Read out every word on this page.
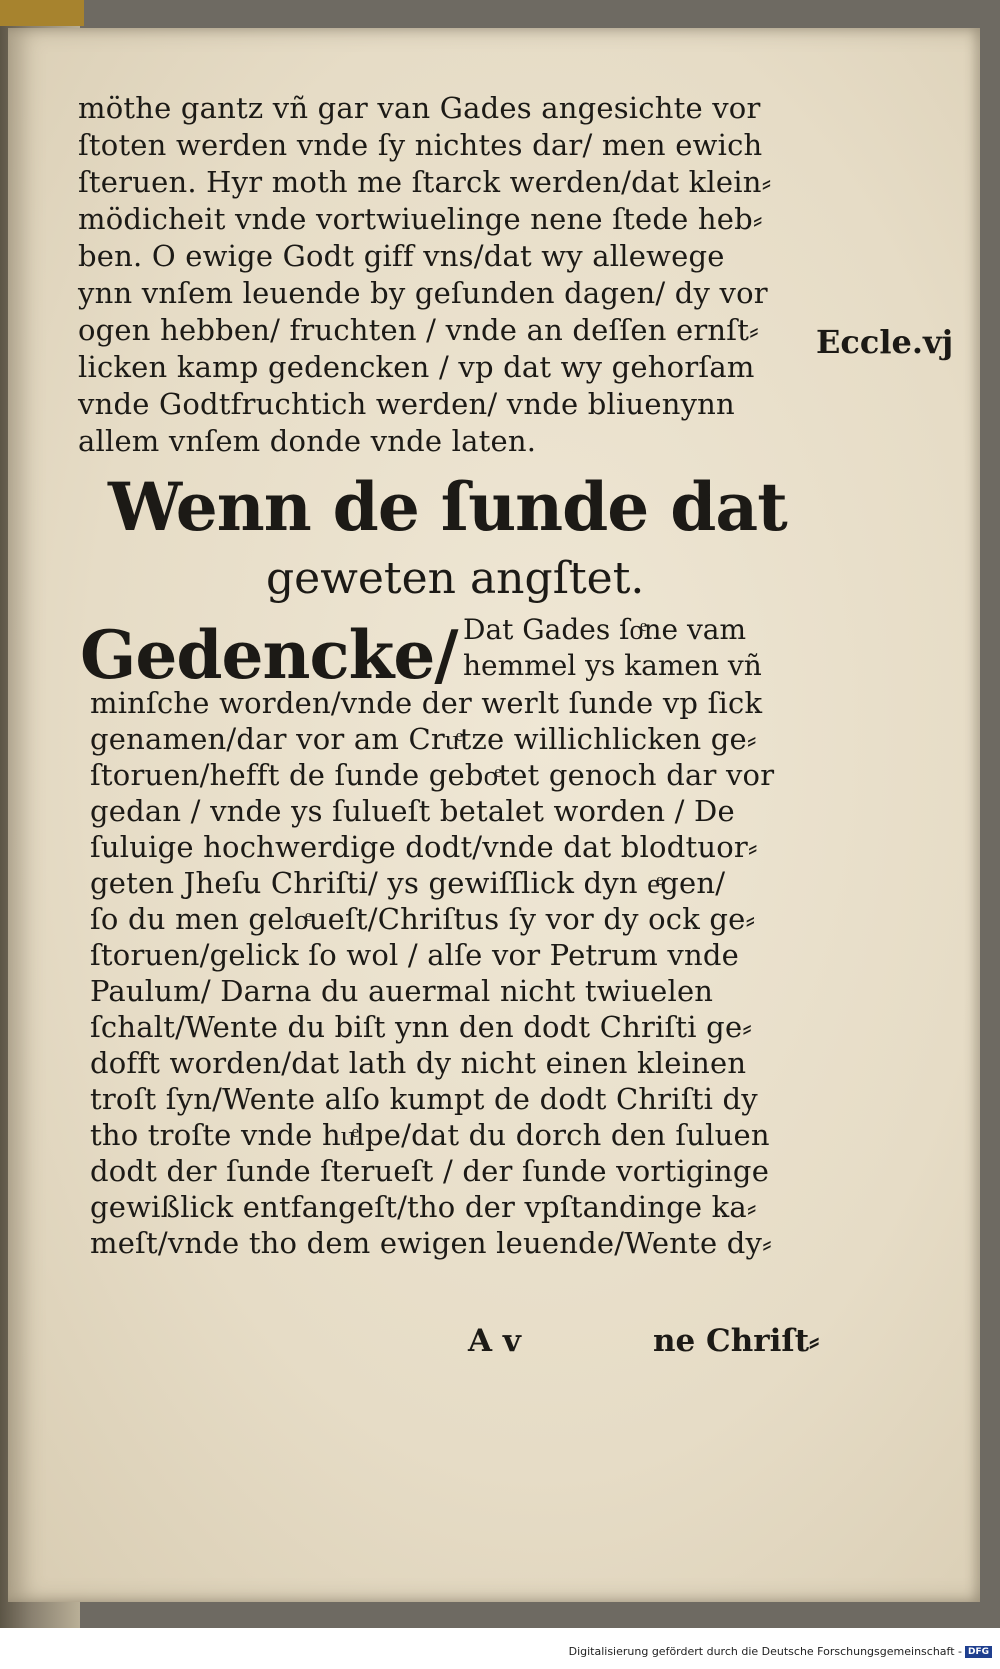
möthe gantz vñ gar van Gades angesichte vor
ſtoten werden vnde ſy nichtes dar/ men ewich
ſteruen. Hyr moth me ſtarck werden/dat klein⸗
mödicheit vnde vortwiuelinge nene ſtede heb⸗
ben. O ewige Godt giff vns/dat wy allewege
ynn vnſem leuende by geſunden dagen/ dy vor
ogen hebben/ fruchten / vnde an deſſen ernſt⸗
licken kamp gedencken / vp dat wy gehorſam
vnde Godtfruchtich werden/ vnde bliuenynn
allem vnſem donde vnde laten.
Eccle.vj
Wenn de ſunde dat
geweten angſtet.
Gedencke/ Dat Gades ſoͤne vam
hemmel ys kamen vñ
minſche worden/vnde der werlt ſunde vp ſick
genamen/dar vor am Cruͤtze willichlicken ge⸗
ſtoruen/hefft de ſunde geboͤtet genoch dar vor
gedan / vnde ys ſulueſt betalet worden / De
ſuluige hochwerdige dodt/vnde dat blodtuor⸗
geten Jheſu Chriſti/ ys gewiſſlick dyn eͤgen/
ſo du men geloͤueſt/Chriſtus ſy vor dy ock ge⸗
ſtoruen/gelick ſo wol / alſe vor Petrum vnde
Paulum/ Darna du auermal nicht twiuelen
ſchalt/Wente du biſt ynn den dodt Chriſti ge⸗
dofft worden/dat lath dy nicht einen kleinen
troſt ſyn/Wente alſo kumpt de dodt Chriſti dy
tho troſte vnde huͤlpe/dat du dorch den ſuluen
dodt der ſunde ſterueſt / der ſunde vortiginge
gewißlick entfangeſt/tho der vpſtandinge ka⸗
meſt/vnde tho dem ewigen leuende/Wente dy⸗
A v	ne Chriſt⸗
Digitalisierung gefördert durch die Deutsche Forschungsgemeinschaft - DFG
